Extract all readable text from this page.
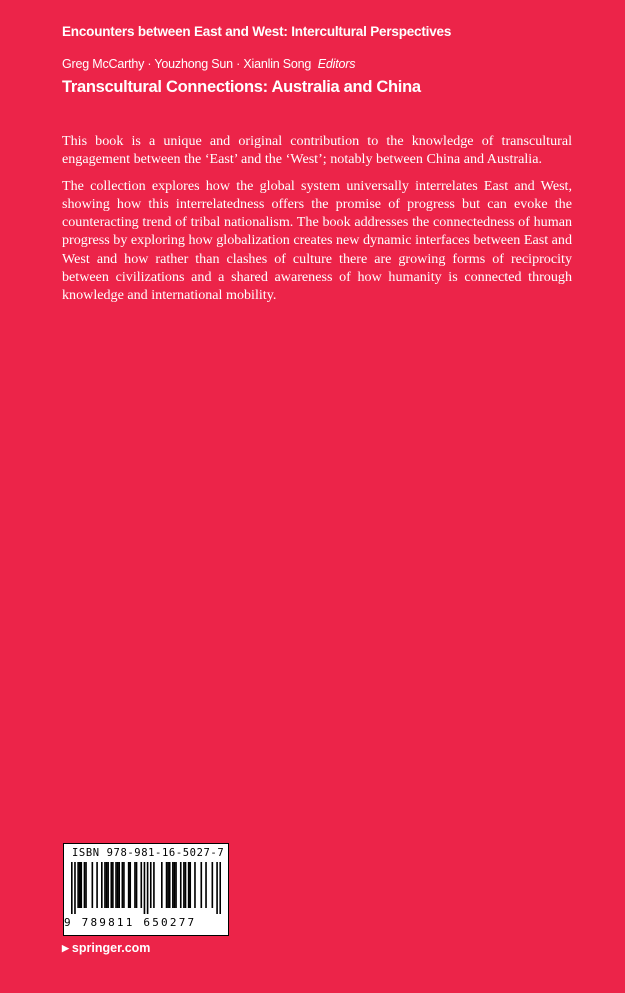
Encounters between East and West: Intercultural Perspectives
Greg McCarthy · Youzhong Sun · Xianlin Song Editors
Transcultural Connections: Australia and China

This book is a unique and original contribution to the knowledge of transcultural engagement between the ‘East’ and the ‘West’; notably between China and Australia.

The collection explores how the global system universally interrelates East and West, showing how this interrelatedness offers the promise of progress but can evoke the counteracting trend of tribal nationalism. The book addresses the connectedness of human progress by exploring how globalization creates new dynamic interfaces between East and West and how rather than clashes of culture there are growing forms of reciprocity between civilizations and a shared awareness of how humanity is connected through knowledge and international mobility.

ISBN 978-981-16-5027-7
9 789811 650277
▶ springer.com
